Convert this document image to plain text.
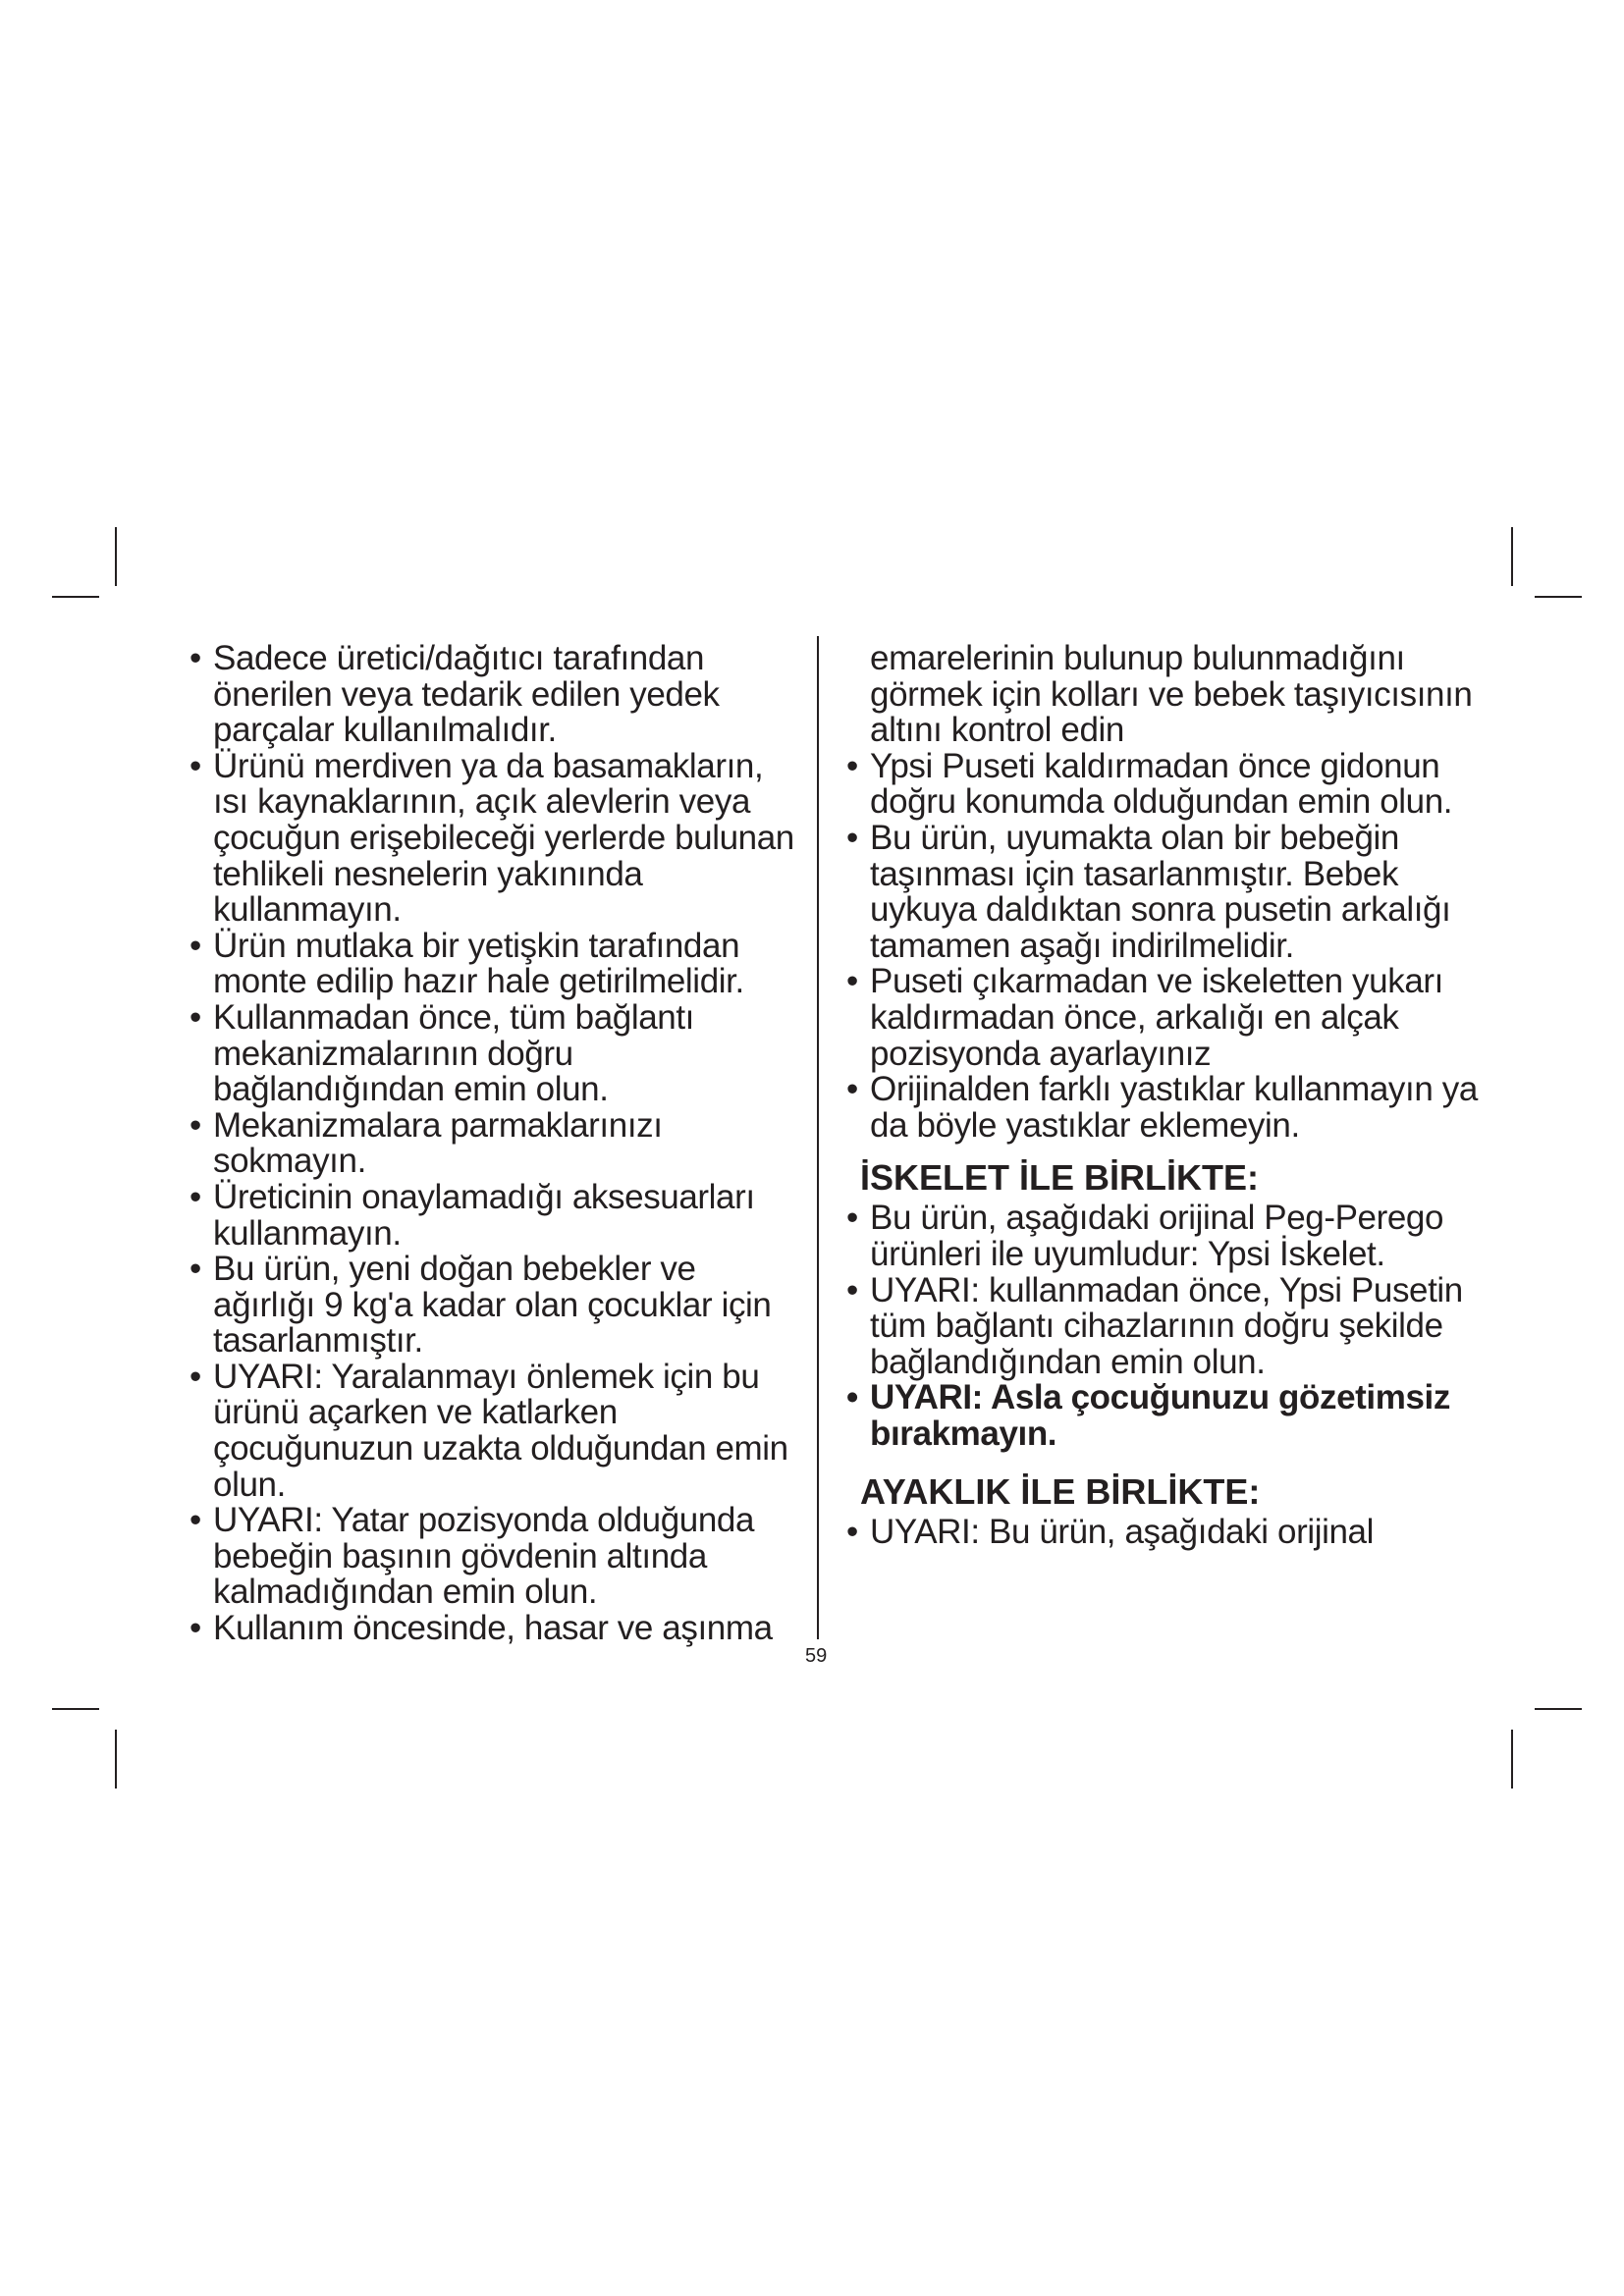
• Sadece üretici/dağıtıcı tarafından önerilen veya tedarik edilen yedek parçalar kullanılmalıdır.
• Ürünü merdiven ya da basamakların, ısı kaynaklarının, açık alevlerin veya çocuğun erişebileceği yerlerde bulunan tehlikeli nesnelerin yakınında kullanmayın.
• Ürün mutlaka bir yetişkin tarafından monte edilip hazır hale getirilmelidir.
• Kullanmadan önce, tüm bağlantı mekanizmalarının doğru bağlandığından emin olun.
• Mekanizmalara parmaklarınızı sokmayın.
• Üreticinin onaylamadığı aksesuarları kullanmayın.
• Bu ürün, yeni doğan bebekler ve ağırlığı 9 kg'a kadar olan çocuklar için tasarlanmıştır.
• UYARI: Yaralanmayı önlemek için bu ürünü açarken ve katlarken çocuğunuzun uzakta olduğundan emin olun.
• UYARI: Yatar pozisyonda olduğunda bebeğin başının gövdenin altında kalmadığından emin olun.
• Kullanım öncesinde, hasar ve aşınma
59
emarelerinin bulunup bulunmadığını görmek için kolları ve bebek taşıyıcısının altını kontrol edin
• Ypsi Puseti kaldırmadan önce gidonun doğru konumda olduğundan emin olun.
• Bu ürün, uyumakta olan bir bebeğin taşınması için tasarlanmıştır. Bebek uykuya daldıktan sonra pusetin arkalığı tamamen aşağı indirilmelidir.
• Puseti çıkarmadan ve iskeletten yukarı kaldırmadan önce, arkalığı en alçak pozisyonda ayarlayınız
• Orijinalden farklı yastıklar kullanmayın ya da böyle yastıklar eklemeyin.
İSKELET İLE BİRLİKTE:
• Bu ürün, aşağıdaki orijinal Peg-Perego ürünleri ile uyumludur: Ypsi İskelet.
• UYARI: kullanmadan önce, Ypsi Pusetin tüm bağlantı cihazlarının doğru şekilde bağlandığından emin olun.
• UYARI: Asla çocuğunuzu gözetimsiz bırakmayın.
AYAKLIK İLE BİRLİKTE:
• UYARI: Bu ürün, aşağıdaki orijinal
